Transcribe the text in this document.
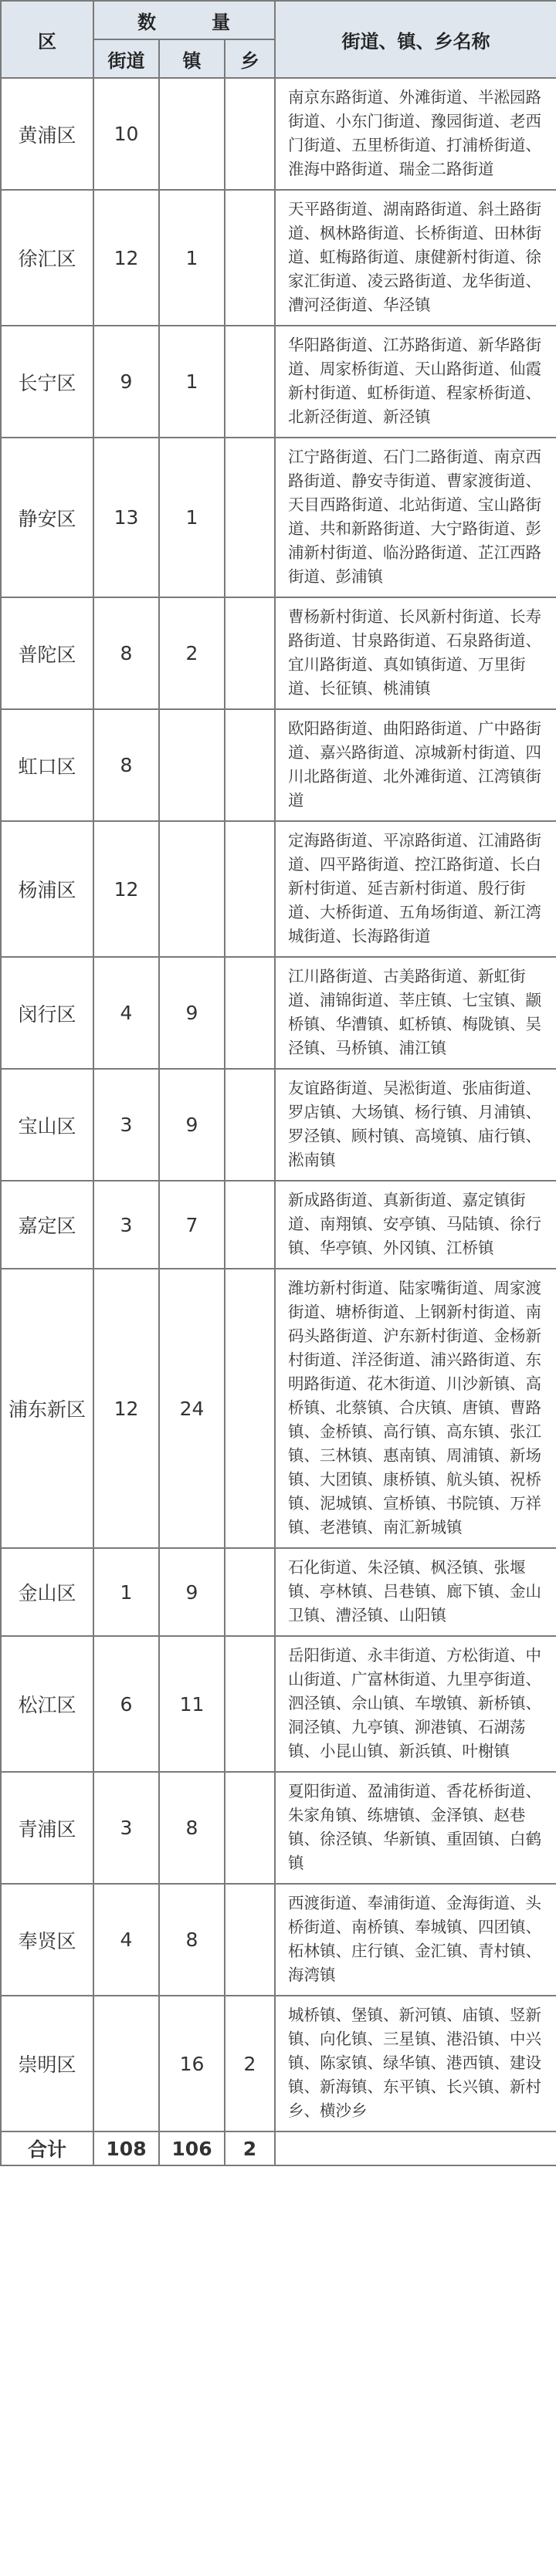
区	数　量			街道、镇、乡名称
	街道	镇	乡	
黄浦区	10			南京东路街道、外滩街道、半淞园路街道、小东门街道、豫园街道、老西门街道、五里桥街道、打浦桥街道、淮海中路街道、瑞金二路街道
徐汇区	12	1		天平路街道、湖南路街道、斜土路街道、枫林路街道、长桥街道、田林街道、虹梅路街道、康健新村街道、徐家汇街道、凌云路街道、龙华街道、漕河泾街道、华泾镇
长宁区	9	1		华阳路街道、江苏路街道、新华路街道、周家桥街道、天山路街道、仙霞新村街道、虹桥街道、程家桥街道、北新泾街道、新泾镇
静安区	13	1		江宁路街道、石门二路街道、南京西路街道、静安寺街道、曹家渡街道、天目西路街道、北站街道、宝山路街道、共和新路街道、大宁路街道、彭浦新村街道、临汾路街道、芷江西路街道、彭浦镇
普陀区	8	2		曹杨新村街道、长风新村街道、长寿路街道、甘泉路街道、石泉路街道、宜川路街道、真如镇街道、万里街道、长征镇、桃浦镇
虹口区	8			欧阳路街道、曲阳路街道、广中路街道、嘉兴路街道、凉城新村街道、四川北路街道、北外滩街道、江湾镇街道
杨浦区	12			定海路街道、平凉路街道、江浦路街道、四平路街道、控江路街道、长白新村街道、延吉新村街道、殷行街道、大桥街道、五角场街道、新江湾城街道、长海路街道
闵行区	4	9		江川路街道、古美路街道、新虹街道、浦锦街道、莘庄镇、七宝镇、颛桥镇、华漕镇、虹桥镇、梅陇镇、吴泾镇、马桥镇、浦江镇
宝山区	3	9		友谊路街道、吴淞街道、张庙街道、罗店镇、大场镇、杨行镇、月浦镇、罗泾镇、顾村镇、高境镇、庙行镇、淞南镇
嘉定区	3	7		新成路街道、真新街道、嘉定镇街道、南翔镇、安亭镇、马陆镇、徐行镇、华亭镇、外冈镇、江桥镇
浦东新区	12	24		潍坊新村街道、陆家嘴街道、周家渡街道、塘桥街道、上钢新村街道、南码头路街道、沪东新村街道、金杨新村街道、洋泾街道、浦兴路街道、东明路街道、花木街道、川沙新镇、高桥镇、北蔡镇、合庆镇、唐镇、曹路镇、金桥镇、高行镇、高东镇、张江镇、三林镇、惠南镇、周浦镇、新场镇、大团镇、康桥镇、航头镇、祝桥镇、泥城镇、宣桥镇、书院镇、万祥镇、老港镇、南汇新城镇
金山区	1	9		石化街道、朱泾镇、枫泾镇、张堰镇、亭林镇、吕巷镇、廊下镇、金山卫镇、漕泾镇、山阳镇
松江区	6	11		岳阳街道、永丰街道、方松街道、中山街道、广富林街道、九里亭街道、泗泾镇、佘山镇、车墩镇、新桥镇、洞泾镇、九亭镇、泖港镇、石湖荡镇、小昆山镇、新浜镇、叶榭镇
青浦区	3	8		夏阳街道、盈浦街道、香花桥街道、朱家角镇、练塘镇、金泽镇、赵巷镇、徐泾镇、华新镇、重固镇、白鹤镇
奉贤区	4	8		西渡街道、奉浦街道、金海街道、头桥街道、南桥镇、奉城镇、四团镇、柘林镇、庄行镇、金汇镇、青村镇、海湾镇
崇明区		16	2	城桥镇、堡镇、新河镇、庙镇、竖新镇、向化镇、三星镇、港沿镇、中兴镇、陈家镇、绿华镇、港西镇、建设镇、新海镇、东平镇、长兴镇、新村乡、横沙乡
合计	108	106	2	
